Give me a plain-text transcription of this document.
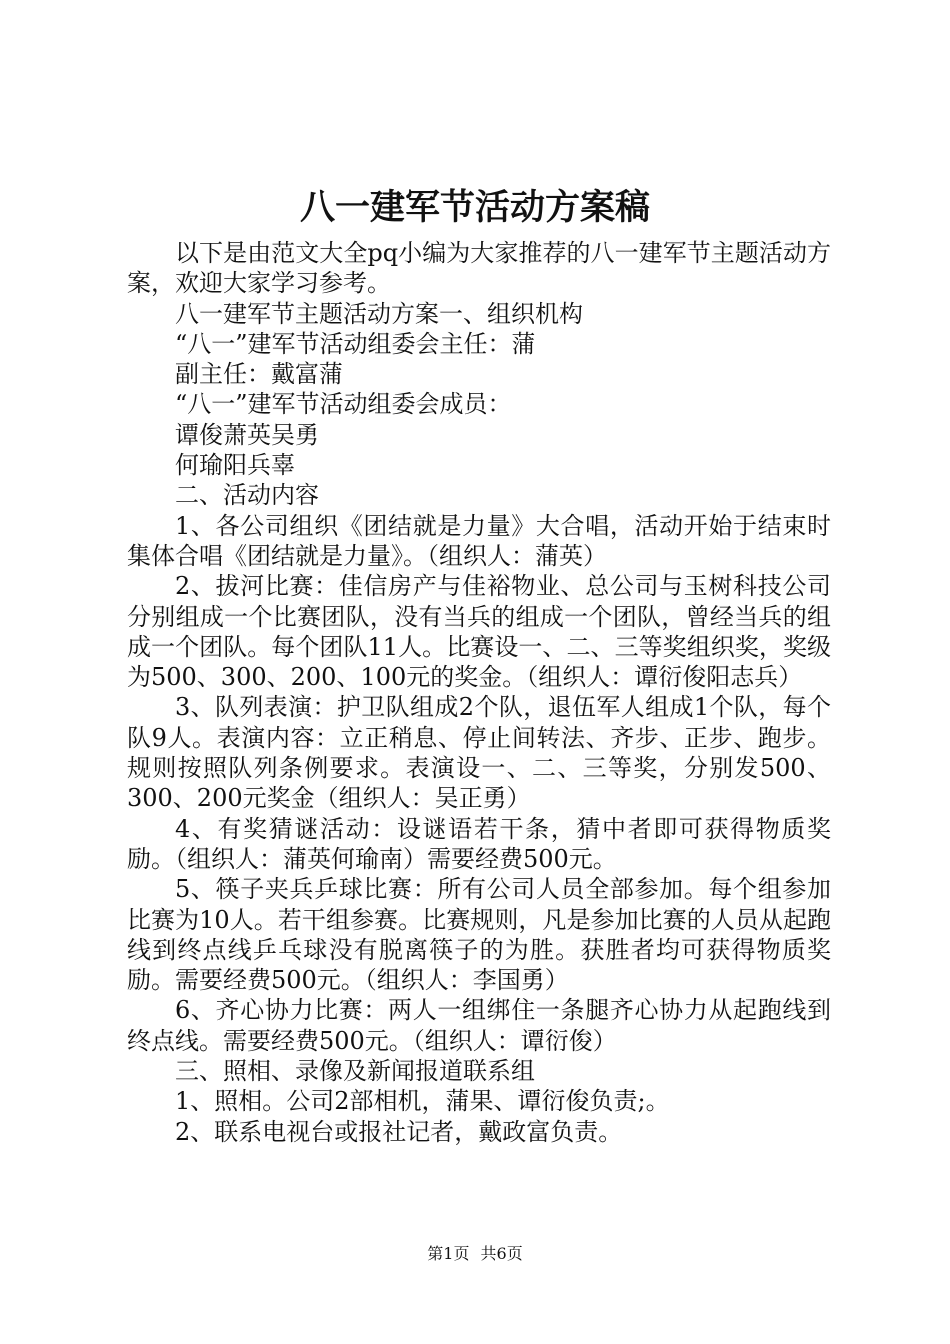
八一建军节活动方案稿

以下是由范文大全pq小编为大家推荐的八一建军节主题活动方案，欢迎大家学习参考。

八一建军节主题活动方案一、组织机构

“八一”建军节活动组委会主任：蒲

副主任：戴富蒲

“八一”建军节活动组委会成员：

谭俊萧英吴勇

何瑜阳兵辜

二、活动内容

1、各公司组织《团结就是力量》大合唱，活动开始于结束时集体合唱《团结就是力量》。（组织人：蒲英）

2、拔河比赛：佳信房产与佳裕物业、总公司与玉树科技公司分别组成一个比赛团队，没有当兵的组成一个团队，曾经当兵的组成一个团队。每个团队11人。比赛设一、二、三等奖组织奖，奖级为500、300、200、100元的奖金。（组织人：谭衍俊阳志兵）

3、队列表演：护卫队组成2个队，退伍军人组成1个队，每个队9人。表演内容：立正稍息、停止间转法、齐步、正步、跑步。规则按照队列条例要求。表演设一、二、三等奖，分别发500、300、200元奖金（组织人：吴正勇）

4、有奖猜谜活动：设谜语若干条，猜中者即可获得物质奖励。（组织人：蒲英何瑜南）需要经费500元。

5、筷子夹兵乒球比赛：所有公司人员全部参加。每个组参加比赛为10人。若干组参赛。比赛规则，凡是参加比赛的人员从起跑线到终点线乒乓球没有脱离筷子的为胜。获胜者均可获得物质奖励。需要经费500元。（组织人：李国勇）

6、齐心协力比赛：两人一组绑住一条腿齐心协力从起跑线到终点线。需要经费500元。（组织人：谭衍俊）

三、照相、录像及新闻报道联系组

1、照相。公司2部相机，蒲果、谭衍俊负责;。

2、联系电视台或报社记者，戴政富负责。

第1页 共6页
